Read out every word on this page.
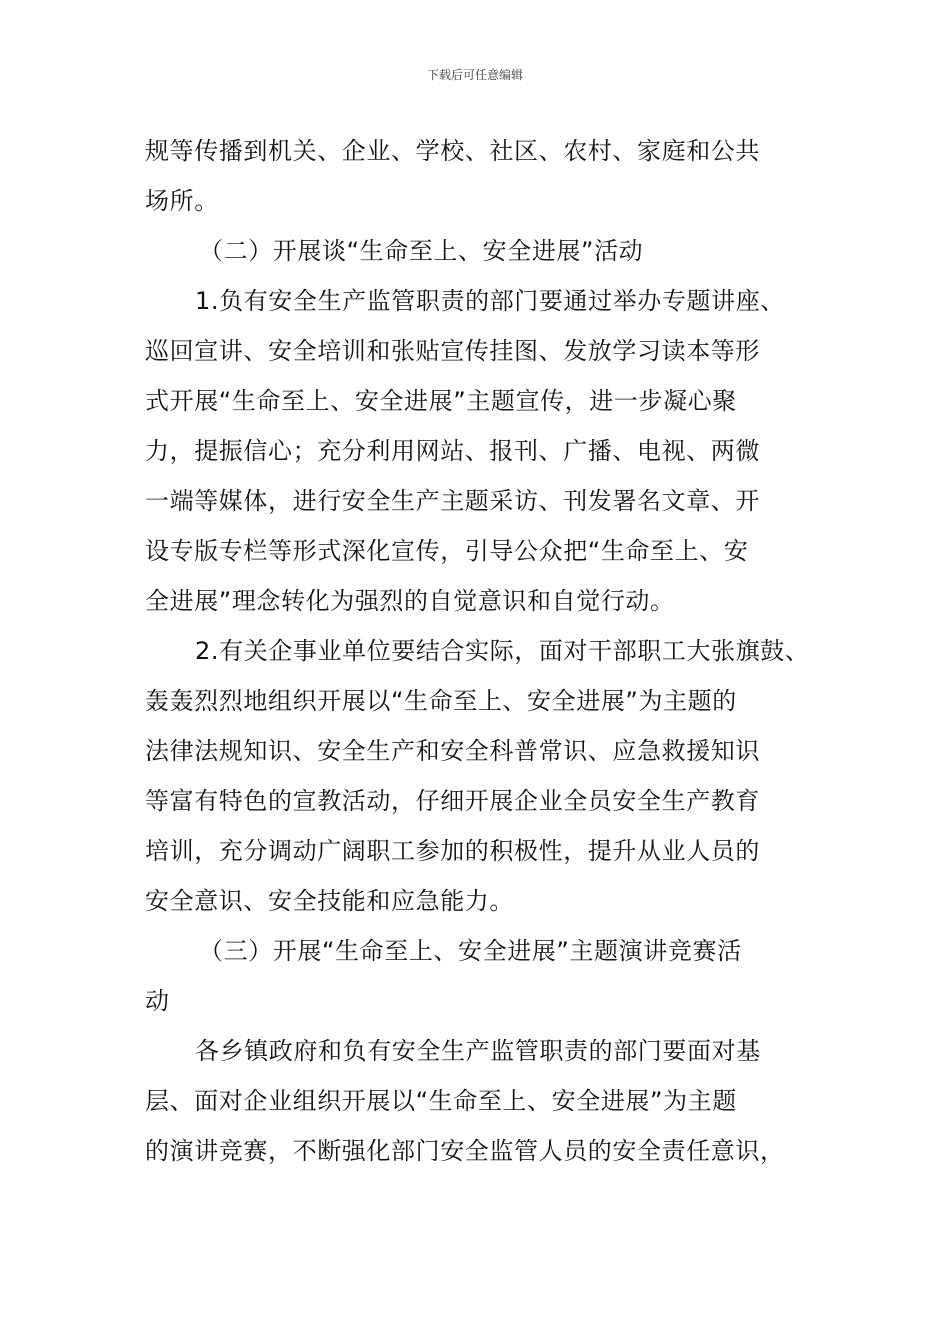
下载后可任意编辑
规等传播到机关、企业、学校、社区、农村、家庭和公共
场所。
（二）开展谈“生命至上、安全进展”活动
1.负有安全生产监管职责的部门要通过举办专题讲座、
巡回宣讲、安全培训和张贴宣传挂图、发放学习读本等形
式开展“生命至上、安全进展”主题宣传，进一步凝心聚
力，提振信心；充分利用网站、报刊、广播、电视、两微
一端等媒体，进行安全生产主题采访、刊发署名文章、开
设专版专栏等形式深化宣传，引导公众把“生命至上、安
全进展”理念转化为强烈的自觉意识和自觉行动。
2.有关企事业单位要结合实际，面对干部职工大张旗鼓、
轰轰烈烈地组织开展以“生命至上、安全进展”为主题的
法律法规知识、安全生产和安全科普常识、应急救援知识
等富有特色的宣教活动，仔细开展企业全员安全生产教育
培训，充分调动广阔职工参加的积极性，提升从业人员的
安全意识、安全技能和应急能力。
（三）开展“生命至上、安全进展”主题演讲竞赛活
动
各乡镇政府和负有安全生产监管职责的部门要面对基
层、面对企业组织开展以“生命至上、安全进展”为主题
的演讲竞赛，不断强化部门安全监管人员的安全责任意识，
